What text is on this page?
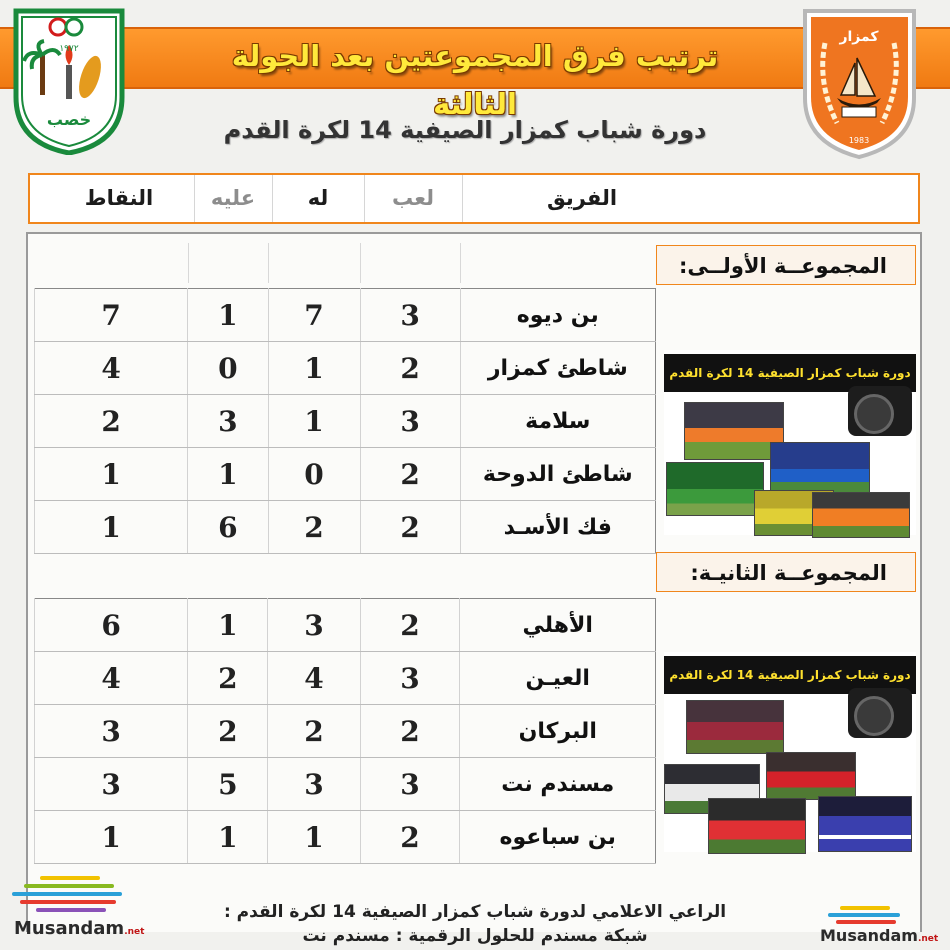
ترتيب فرق المجموعتين بعد الجولة الثالثة
خصب
١٩٧٢
كمزار
1983
دورة شباب كمزار الصيفية 14 لكرة القدم
النقاط	عليه	له	لعب	الفريق
المجموعــة الأولــى:
7	1	7	3	بن ديوه
4	0	1	2	شاطئ كمزار
2	3	1	3	سلامة
1	1	0	2	شاطئ الدوحة
1	6	2	2	فك الأسـد
المجموعــة الثانيـة:
6	1	3	2	الأهلي
4	2	4	3	العيـن
3	2	2	2	البركان
3	5	3	3	مسندم نت
1	1	1	2	بن سباعوه
دورة شباب كمزار الصيفية 14 لكرة القدم
دورة شباب كمزار الصيفية 14 لكرة القدم
الراعي الاعلامي لدورة شباب كمزار الصيفية 14 لكرة القدم :
شبكة مسندم للحلول الرقمية : مسندم نت
Musandam.net	Musandam.net
